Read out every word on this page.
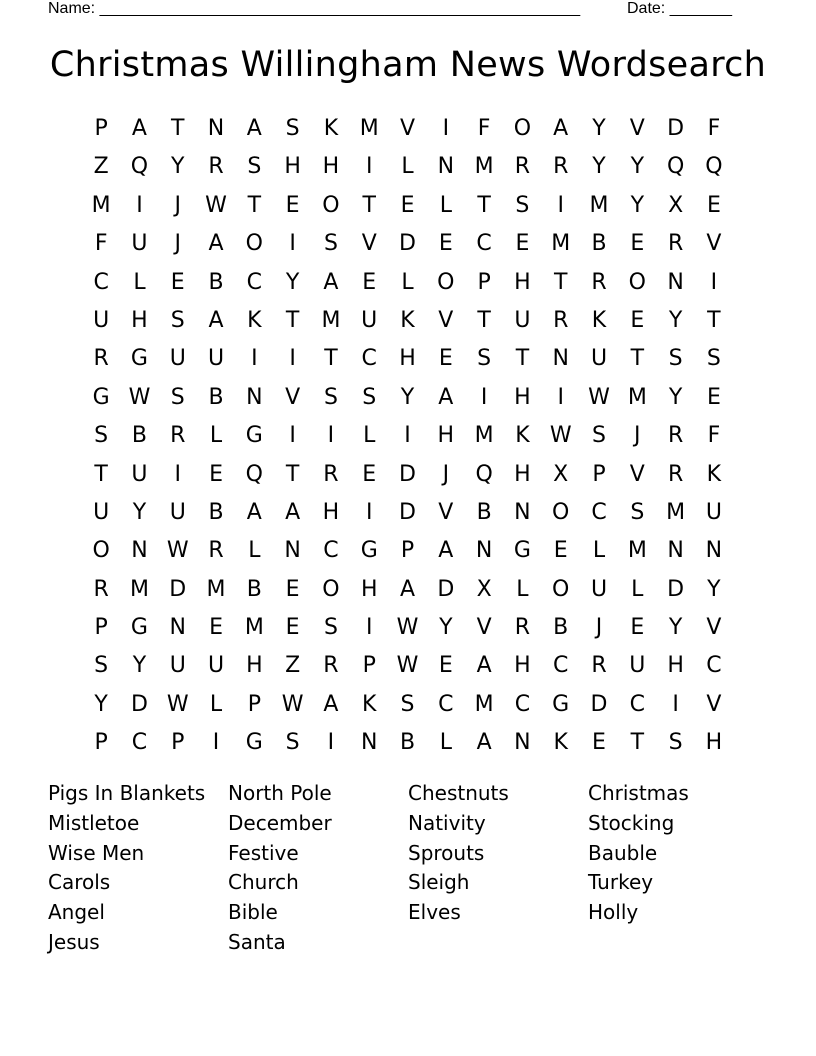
Name: ______________________________________________________	Date: _______
Christmas Willingham News Wordsearch
P	A	T	N	A	S	K M V	I	F	O	A	Y	V	D	F
Z	Q	Y	R	S	H H	I	L	N M R	R	Y	Y	Q Q
M	I	J	W T	E	O	T	E	L	T	S	I	M	Y	X	E
F	U	J	A	O	I	S	V	D	E	C	E M B	E	R	V
C	L	E	B	C	Y	A	E	L	O	P	H	T	R O N	I
U H	S	A	K	T	M U	K	V	T	U	R	K	E	Y	T
R	G U	U	I	I	T	C	H	E	S	T	N	U	T	S	S
G W S	B	N	V	S	S	Y	A	I	H	I	W M	Y	E
S	B	R	L	G	I	I	L	I	H M K W S	J	R	F
T	U	I	E	Q	T	R	E	D	J	Q H	X	P	V	R	K
U	Y	U	B	A	A	H	I	D	V	B	N O C	S M U
O N W R	L	N	C	G	P	A	N G	E	L	M N N
R M D M B	E	O H	A	D	X	L	O U	L	D	Y
P	G N	E M E	S	I	W Y	V	R	B	J	E	Y	V
S	Y	U	U H	Z	R	P W E	A	H	C	R	U H	C
Y	D W L	P W A	K	S	C M C	G D	C	I	V
P	C	P	I	G	S	I	N	B	L	A	N	K	E	T	S	H
Pigs In Blankets	North Pole	Chestnuts	Christmas
Mistletoe	December	Nativity	Stocking
Wise Men	Festive	Sprouts	Bauble
Carols	Church	Sleigh	Turkey
Angel	Bible	Elves	Holly
Jesus	Santa
